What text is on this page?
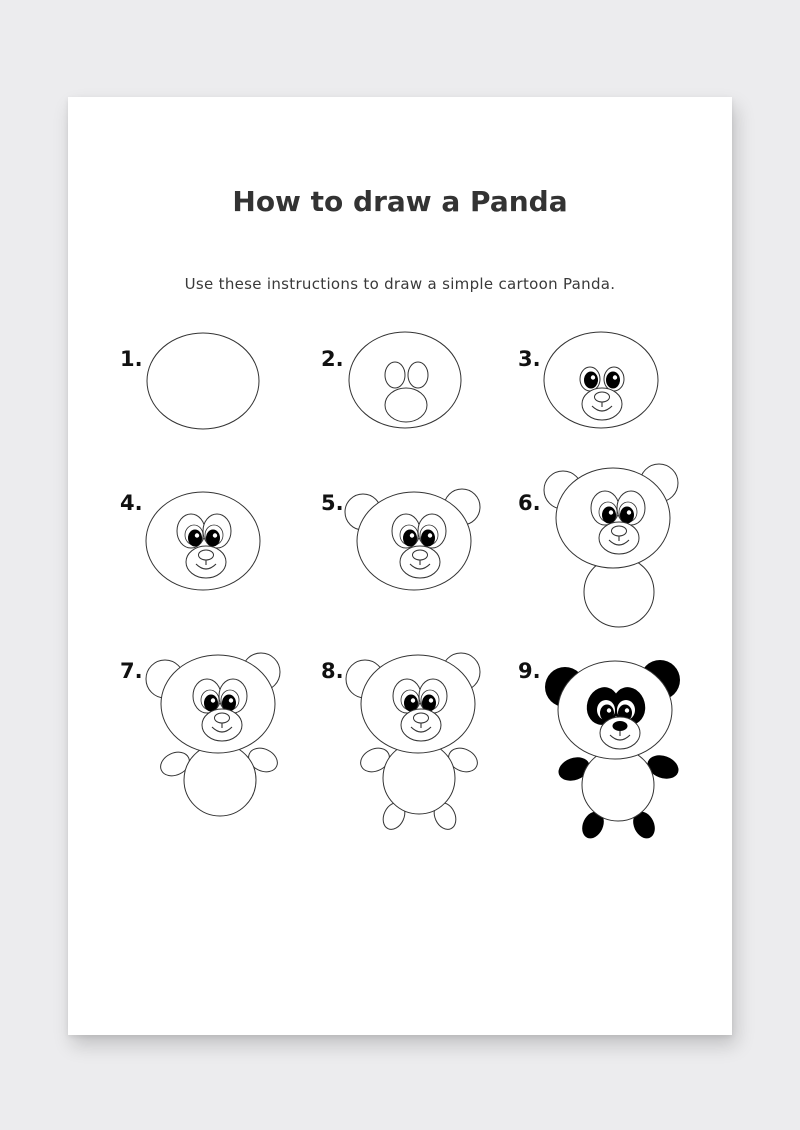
How to draw a Panda
Use these instructions to draw a simple cartoon Panda.
1.	2.	3.
4.	5.	6.
7.	8.	9.
